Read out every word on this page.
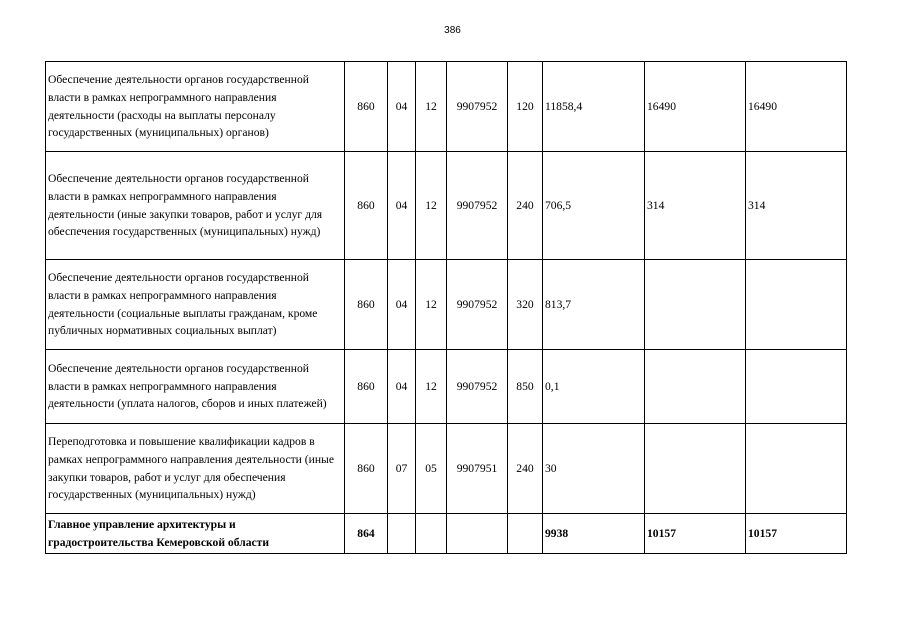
386
Обеспечение деятельности органов государственной власти в рамках непрограммного направления деятельности (расходы на выплаты персоналу государственных (муниципальных) органов)	860	04	12	9907952	120	11858,4	16490	16490
Обеспечение деятельности органов государственной власти в рамках непрограммного направления деятельности (иные закупки товаров, работ и услуг для обеспечения государственных (муниципальных) нужд)	860	04	12	9907952	240	706,5	314	314
Обеспечение деятельности органов государственной власти в рамках непрограммного направления деятельности (социальные выплаты гражданам, кроме публичных нормативных социальных выплат)	860	04	12	9907952	320	813,7		
Обеспечение деятельности органов государственной власти в рамках непрограммного направления деятельности (уплата налогов, сборов и иных платежей)	860	04	12	9907952	850	0,1		
Переподготовка и повышение квалификации кадров в рамках непрограммного направления деятельности (иные закупки товаров, работ и услуг для обеспечения государственных (муниципальных) нужд)	860	07	05	9907951	240	30		
Главное управление архитектуры и градостроительства Кемеровской области	864					9938	10157	10157
